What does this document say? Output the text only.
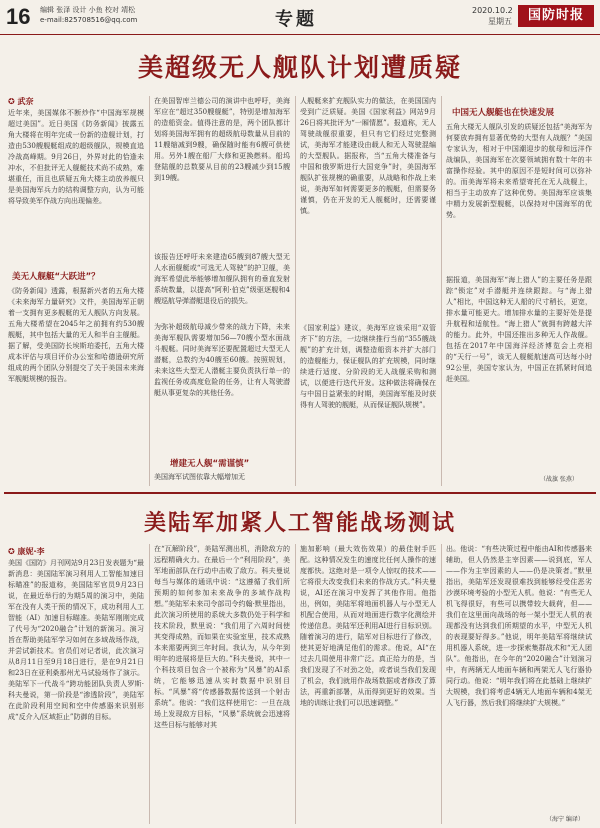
16 编辑 张泽 设计 小鱼 校对 靖松
e-mail:825708516@qq.com	专题	2020.10.2
星期五	国防时报
美超级无人舰队计划遭质疑
✪ 武奈
近年来，美国媒体不断炒作“中国海军规模超过美国”。近日美国《防务新闻》披露五角大楼将在明年完成一份新的造舰计划，打造由530艘舰艇组成的超级舰队，规模直追冷战高峰期。9月26日，外界对此的恰逢未冲水，不但批评无人舰艇技术尚不成熟，难堪重任，而且也质疑五角大楼主动放养舰只是美国海军兵力的结构调整方向，认为可能将导致美军作战方向出现偏差。
美无人舰艇“大跃进”？
《防务新闻》透露，根据新兴者的五角大楼《未来海军力量研究》文件，美国海军正朝着一支拥有更多舰艇的无人舰队方向发展。五角大楼希望在2045年之前拥有约530艘舰艇，其中包括大量的无人和半自主舰艇。据了解，受美国防长埃斯珀委托，五角大楼成本评估与项目评价办公室和哈德逊研究所组成的两个团队分别提交了关于美国未来海军舰艇规模的报告。
在美国智库兰德公司的演讲中也呼吁，美海军应在“超过350艘舰艇”，特别是增加海军的造船资金。值得注意的是，两个团队都计划将美国海军拥有的超级航母数量从目前的11艘缩减到9艘，确保随时能有6艘可供使用。另外1艘在船厂大修和更换燃料。船坞登陆舰的总数要从目前的23艘减少到15艘到19艘。
该报告还呼吁未来建造65艘到87艘大型无人水面舰艇或“可选无人驾驶”的护卫舰，美海军希望此举能够增加舰队拥有的垂直发射系统数量，以提高“阿利·伯克”级驱逐舰和4艘巡航导弹潜艇退役后的损失。
为弥补超级航母减少带来的战力下降，未来美海军舰队需要增加56—70艘小型水面战斗舰艇。同时美海军还要配置超过大型无人潜艇，总数约为40艘至60艘。按照规划，未来这些大型无人潜艇主要负责执行单一的监视任务或高度危险的任务，让有人驾驶潜艇从事更复杂的其他任务。
增建无人舰“需谨慎”
美国海军试图依靠大幅增加无
人舰艇来扩充舰队实力的做法，在美国国内受到广泛质疑。美国《国家利益》网站9月26日将其批评为“一厢情愿”。报道称，无人驾驶战舰很重要，但只有它们经过完整测试，美海军才能建设由载人和无人驾驶混编的大型舰队。据报称，当“五角大楼准备与中国和俄罗斯进行大国竞争”时，美国海军舰队扩张规模的确重要，从战略和作战上来说，美海军如何需要更多的舰艇，但需要务谨慎，仍在开发的无人舰艇时，还需要谨慎。
《国家利益》建议，美海军应该采用“双管齐下”的方法，一边继续推行当前“355艘战舰”的扩充计划，调整造船资本并扩大部门的造舰能力，保证舰队的扩充规模，同时继续进行适度、分阶段的无人战舰采购和测试，以便进行迭代开发。这种做法将确保在与中国日益紧张的时期，美国海军能及时获得有人驾驶的舰艇，从而保证舰队规模”。
中国无人舰艇也在快速发展
五角大楼无人舰队引发的质疑还包括“美海军为何要放弃拥有显著优势的大型有人战舰？”美国专家认为，相对于中国潮迎步的航母和远洋作战编队，美国海军在次要领域拥有数十年的丰富操作经验。其中的原因不是短时间可以弥补的。而美海军将未来希望寄托在无人战舰上，相当于主动放弃了这种优势。美国海军应该集中精力发展新型舰艇，以保持对中国海军的优势。
据报道，美国海军“海上猎人”的主要任务是跟踪“锁定”对手潜艇并连续跟踪。与“海上猎人”相比，中国这种无人船的尺寸稍长，更宽，排水量可能更大。增加排水量的主要好处是提升航程和适航性。“海上猎人”就拥有跨越大洋的能力。此外，中国还推出多种无人作战舰。包括在2017年中国海洋经济博览会上亮相的“天行一号”，该无人舰艇航速高可达每小时92公里，美国专家认为，中国正在抓紧时间追赶美国。
（战旗 张燕）
美陆军加紧人工智能战场测试
✪ 康妮·李
美国《国防》月刊网站9月23日发表题为“最新消息：美国陆军演习利用人工智能加速目标瞄准”的报道称，美国陆军官员9月23日说，在最近举行的为期5周的演习中，美陆军在没有人类干预的情况下，成功利用人工智能（AI）加速目标瞄准。美陆军刚刚完成了代号为“2020融合”计划的新演习。演习旨在帮助美陆军学习如何在多域战场作战，并尝试新技术。官员们对记者说，此次演习从8月11日至9月18日进行，是在9月21日和23日在亚利桑那州尤马试验场作了演示。美陆军下一代战斗“跨功能团队负责人罗斯·科夫曼说，第一阶段是“渗透阶段”，美陆军在此阶段利用空间和空中传感器来识别形成“反介入/区域拒止”防御的目标。
在“瓦解阶段”，美陆军测出机，消除敌方的远程精确火力。在最后一个“利用阶段”，美军地面部队在行动中击败了敌方。科夫曼说每当与媒体的通讯中说：“这遵循了我们所预期的如何参加未来战争的多域作战构想。”美陆军未来司令部司令约翰·默里指出，此次演习所使用的系统大多数仍处于科学和技术阶段，默里说：“我们用了六周时间使其变得成熟，而如果在实验室里，技术成熟本来需要两到三年时间。我认为，从今年到明年的进展将是巨大的。”科夫曼说，其中一个科技项目包含一个被称为“风暴”的AI系统，它能够迅速从实时数据中识别目标。“风暴”将“传感器数据传送到一个射击系统”。他说：“我们这样使用它：一旦在战场上发现敌方目标，“风暴”系统就会迅速将这些目标与能够对其
施加影响（最大效伤效果）的最佳射手匹配。这种情况发生的速度比任何人操作的速度都快。这绝对是一项令人惊叹的技术——它将很大改变我们未来的作战方式。”科夫曼说，AI还在演习中发挥了其他作用。他指出，例如，美陆军将地面机器人与小型无人机配合使用，从而对地面进行数字化测绘并传递信息。美陆军还利用AI进行目标识别。随着演习的进行，陆军对目标进行了修改，使其更好地满足他们的需求。他说，AI“在过去几周使用非常广泛。真正给力的是，当我们发现了不对劲之处，或者说当我们发现了机会，我们就用作战场数据或者修改了算法，再重新部署，从而得到更好的效果。当地的训练让我们可以迅速调整。”
出。他说：“有些决策过程中能由AI和传感器来辅助，但人仍然是主宰因素——说到底，军人——作为主宰因素的人——仍是决策者。”默里指出，美陆军还发现很难找到能够经受住恶劣沙漠环境考验的小型无人机。他说：“有些无人机飞得很好，有些可以携带较大载荷，但——我们在这里面向战场的每一架小型无人机的表现都没有达到我们所期望的水平，中型无人机的表现要好得多。”他说，明年美陆军将继续试用机器人系统，进一步探索集群战术和“无人团队”。他指出，在今年的“2020融合”计划演习中，有两辆无人地面车辆和两架无人飞行器协同行动。他说：“明年我们将在此基础上继续扩大规模，我们将考虑4辆无人地面车辆和4架无人飞行器，然后我们将继续扩大规模。”
（海宁 编译）
